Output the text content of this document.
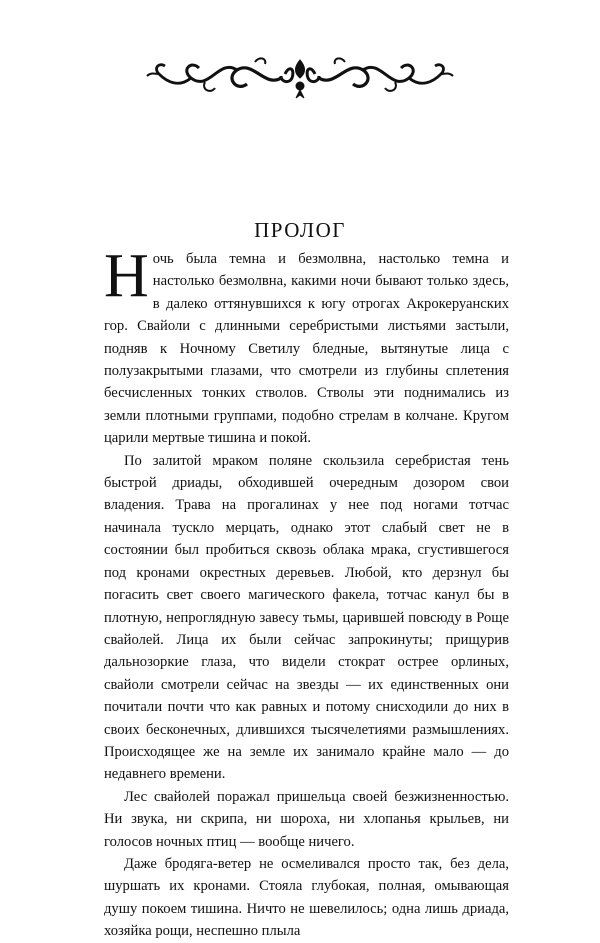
ПРОЛОГ

Ночь была темна и безмолвна, настолько темна и настолько безмолвна, какими ночи бывают только здесь, в далеко оттянувшихся к югу отрогах Акрокеруанских гор. Свайоли с длинными серебристыми листьями застыли, подняв к Ночному Светилу бледные, вытянутые лица с полузакрытыми глазами, что смотрели из глубины сплетения бесчисленных тонких стволов. Стволы эти поднимались из земли плотными группами, подобно стрелам в колчане. Кругом царили мертвые тишина и покой.

По залитой мраком поляне скользила серебристая тень быстрой дриады, обходившей очередным дозором свои владения. Трава на прогалинах у нее под ногами тотчас начинала тускло мерцать, однако этот слабый свет не в состоянии был пробиться сквозь облака мрака, сгустившегося под кронами окрестных деревьев. Любой, кто дерзнул бы погасить свет своего магического факела, тотчас канул бы в плотную, непроглядную завесу тьмы, царившей повсюду в Роще свайолей. Лица их были сейчас запрокинуты; прищурив дальнозоркие глаза, что видели стократ острее орлиных, свайоли смотрели сейчас на звезды — их единственных они почитали почти что как равных и потому снисходили до них в своих бесконечных, длившихся тысячелетиями размышлениях. Происходящее же на земле их занимало крайне мало — до недавнего времени.

Лес свайолей поражал пришельца своей безжизненностью. Ни звука, ни скрипа, ни шороха, ни хлопанья крыльев, ни голосов ночных птиц — вообще ничего.

Даже бродяга-ветер не осмеливался просто так, без дела, шуршать их кронами. Стояла глубокая, полная, омывающая душу покоем тишина. Ничто не шевелилось; одна лишь дриада, хозяйка рощи, неспешно плыла
